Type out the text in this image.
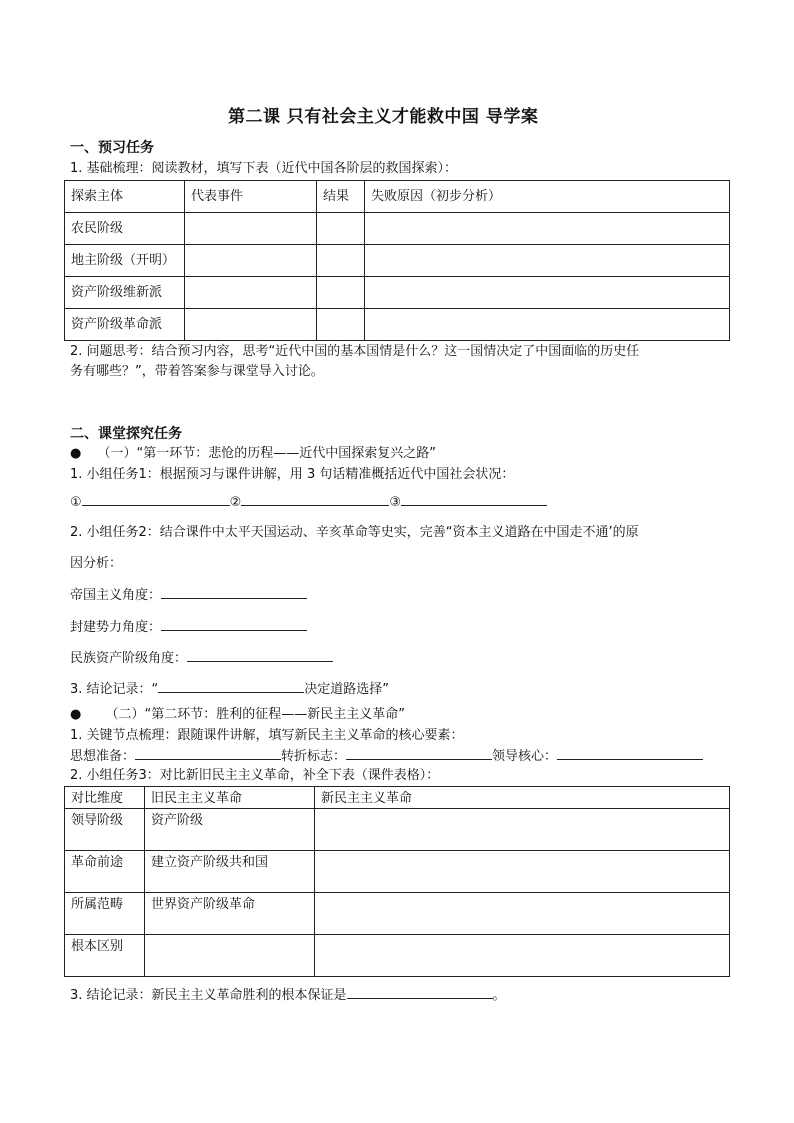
第二课 只有社会主义才能救中国 导学案
一、预习任务
1. 基础梳理：阅读教材，填写下表（近代中国各阶层的救国探索）：
探索主体	代表事件	结果	失败原因（初步分析）
农民阶级			
地主阶级（开明）			
资产阶级维新派			
资产阶级革命派			
2. 问题思考：结合预习内容，思考“近代中国的基本国情是什么？这一国情决定了中国面临的历史任
务有哪些？”，带着答案参与课堂导入讨论。
二、课堂探究任务
● （一）“第一环节：悲怆的历程——近代中国探索复兴之路”
1. 小组任务1：根据预习与课件讲解，用 3 句话精准概括近代中国社会状况：
①	②	③
2. 小组任务2：结合课件中太平天国运动、辛亥革命等史实，完善“资本主义道路在中国走不通’的原
因分析：
帝国主义角度：
封建势力角度：
民族资产阶级角度：
3. 结论记录：“	决定道路选择”
● （二）“第二环节：胜利的征程——新民主主义革命”
1. 关键节点梳理：跟随课件讲解，填写新民主主义革命的核心要素：
思想准备：	转折标志：	领导核心：
2. 小组任务3：对比新旧民主主义革命，补全下表（课件表格）：
对比维度	旧民主主义革命	新民主主义革命
领导阶级	资产阶级	
革命前途	建立资产阶级共和国	
所属范畴	世界资产阶级革命	
根本区别		
3. 结论记录：新民主主义革命胜利的根本保证是	。
